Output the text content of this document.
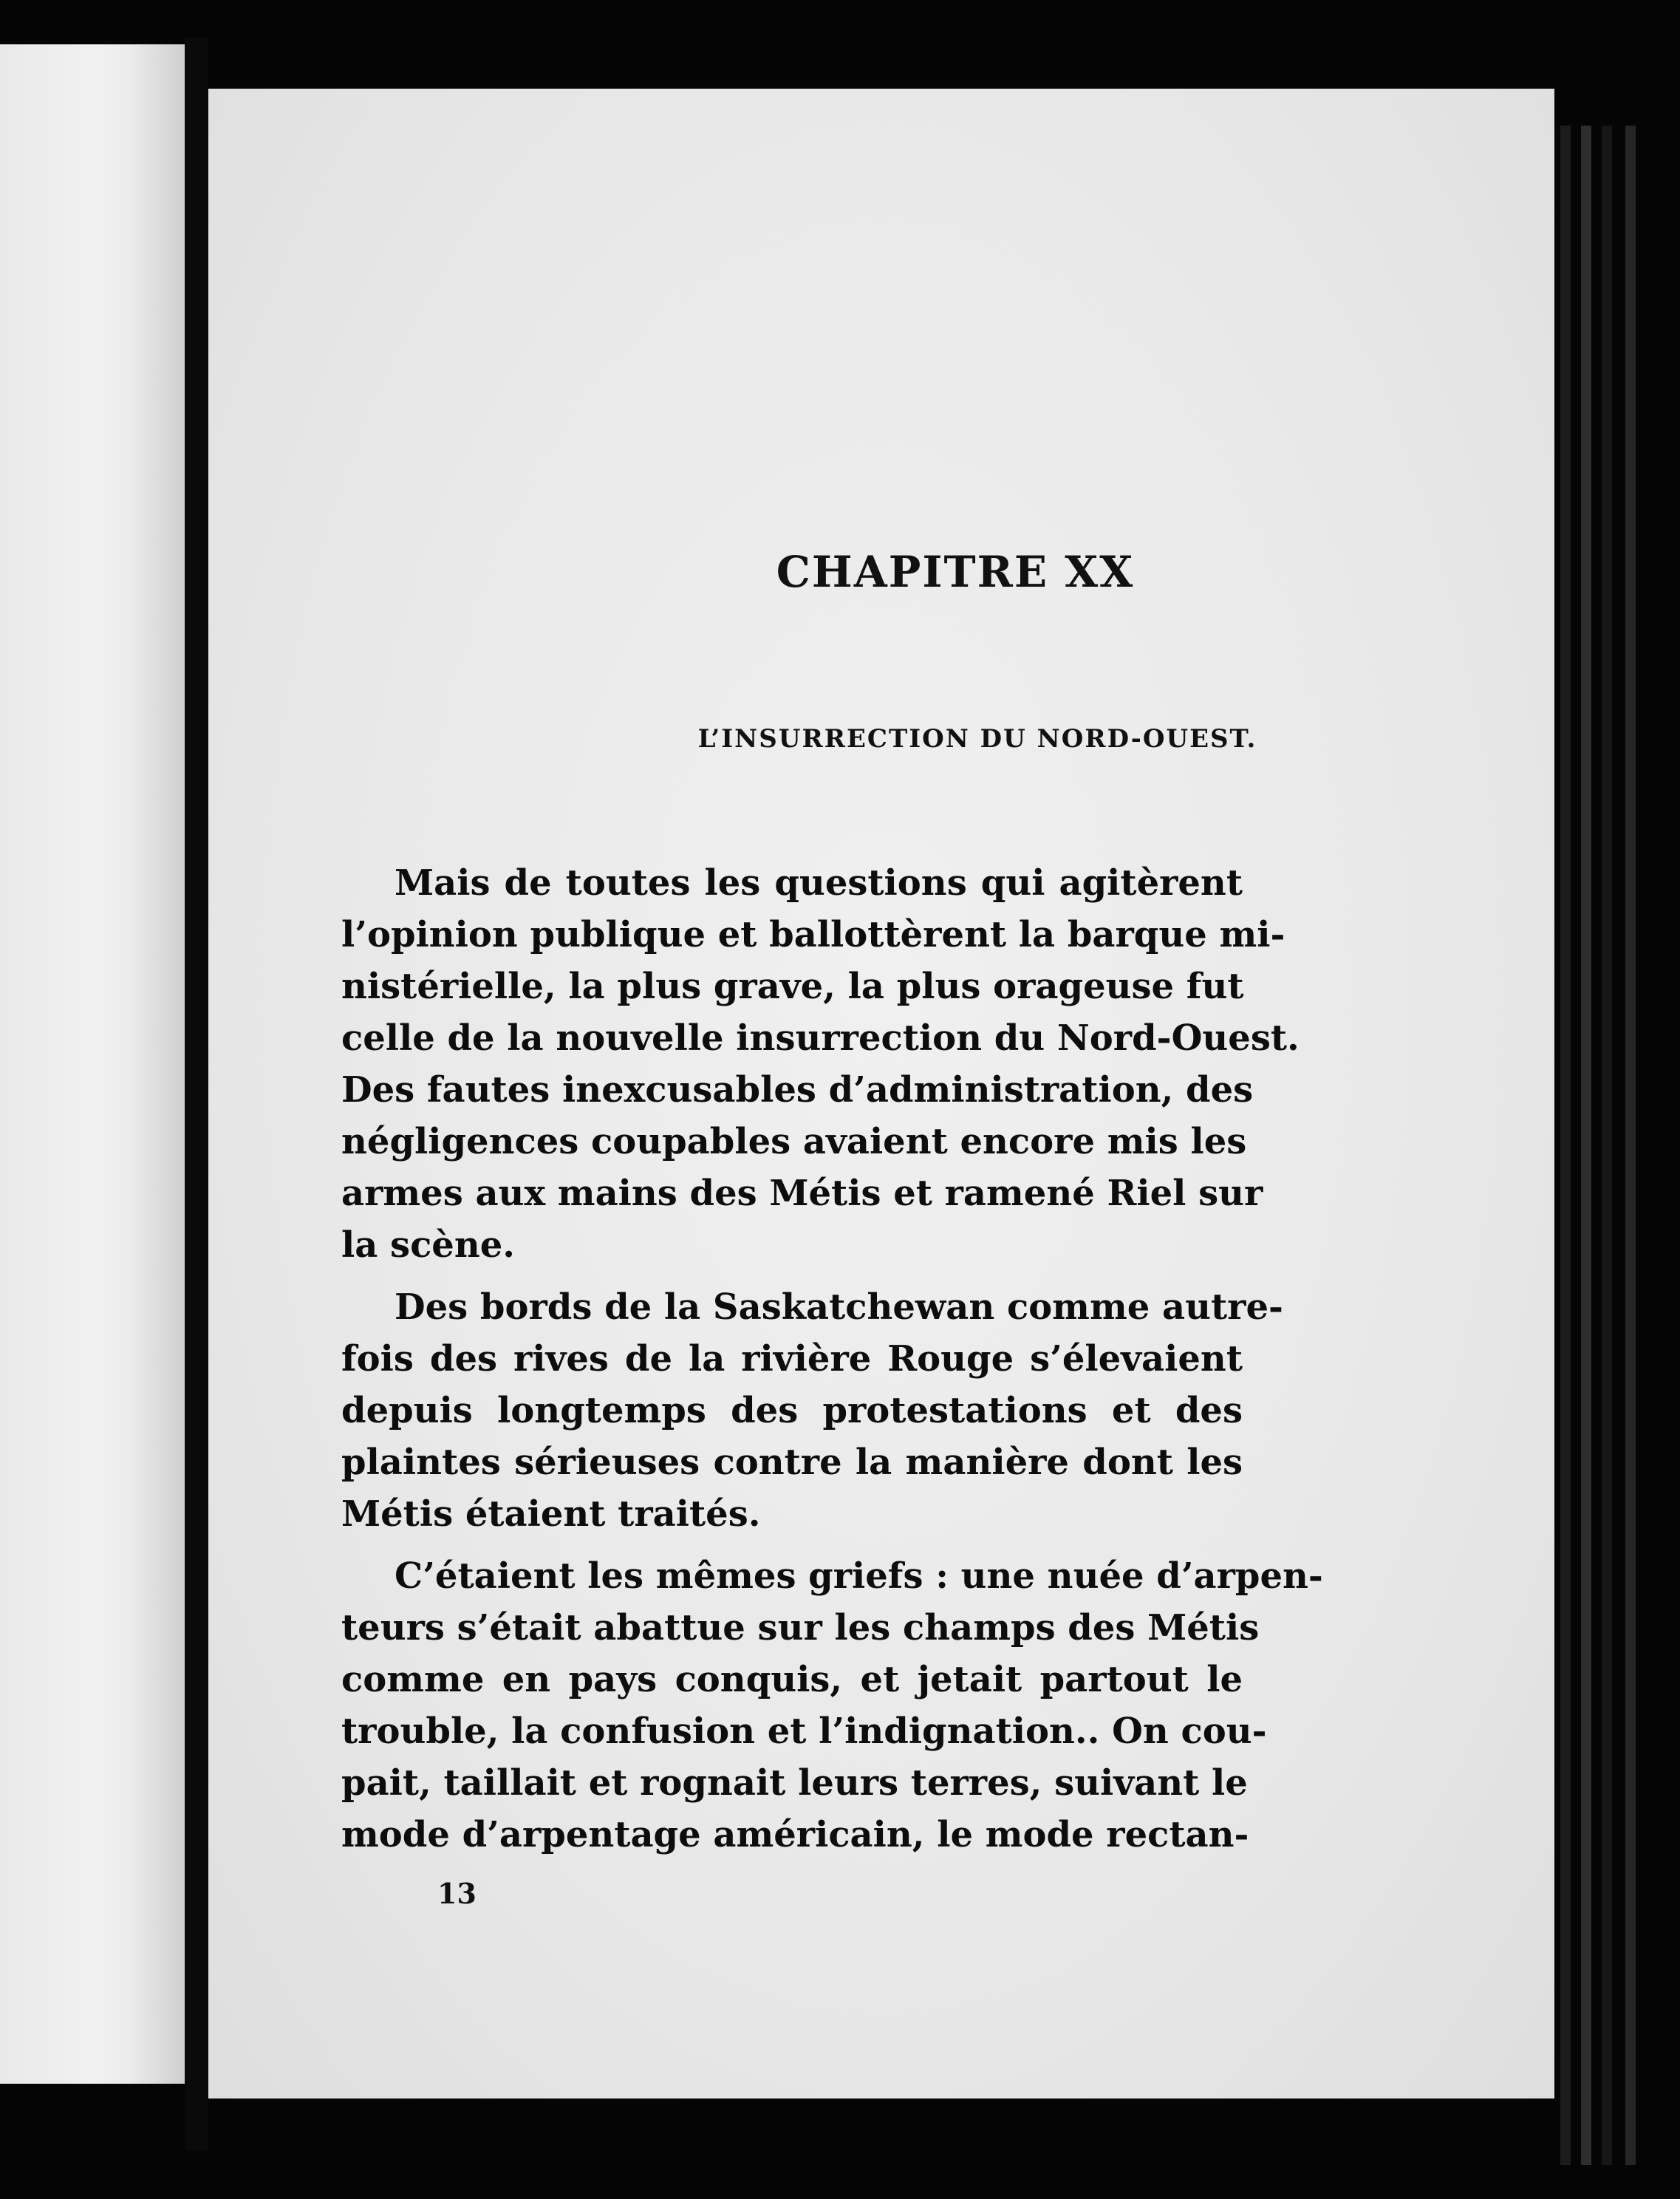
CHAPITRE XX
L’INSURRECTION DU NORD-OUEST.
Mais de toutes les questions qui agitèrent
l’opinion publique et ballottèrent la barque mi-
nistérielle, la plus grave, la plus orageuse fut
celle de la nouvelle insurrection du Nord-Ouest.
Des fautes inexcusables d’administration, des
négligences coupables avaient encore mis les
armes aux mains des Métis et ramené Riel sur
la scène.
Des bords de la Saskatchewan comme autre-
fois des rives de la rivière Rouge s’élevaient
depuis longtemps des protestations et des
plaintes sérieuses contre la manière dont les
Métis étaient traités.
C’étaient les mêmes griefs : une nuée d’arpen-
teurs s’était abattue sur les champs des Métis
comme en pays conquis, et jetait partout le
trouble, la confusion et l’indignation.. On cou-
pait, taillait et rognait leurs terres, suivant le
mode d’arpentage américain, le mode rectan-
13
